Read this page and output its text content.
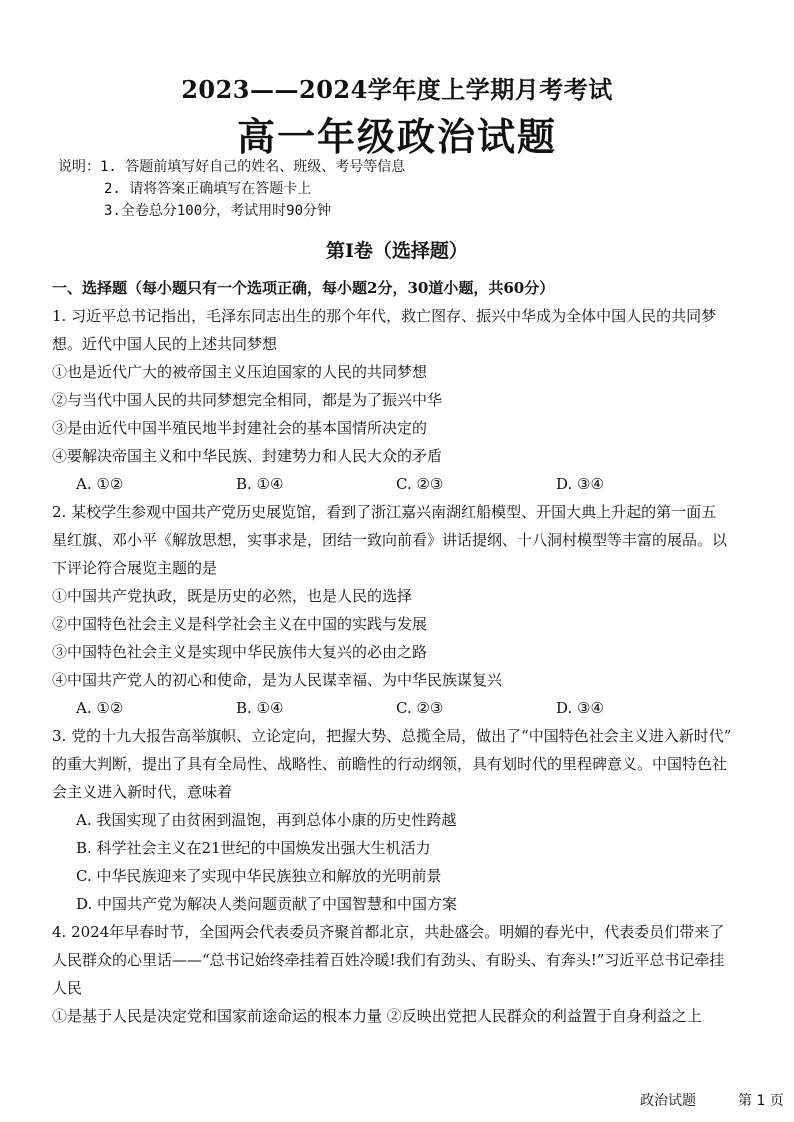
2023——2024学年度上学期月考考试
高一年级政治试题
说明：1. 答题前填写好自己的姓名、班级、考号等信息
2. 请将答案正确填写在答题卡上
3.全卷总分100分，考试用时90分钟
第Ⅰ卷（选择题）
一、选择题（每小题只有一个选项正确，每小题2分，30道小题，共60分）
1. 习近平总书记指出，毛泽东同志出生的那个年代，救亡图存、振兴中华成为全体中国人民的共同梦
想。近代中国人民的上述共同梦想
①也是近代广大的被帝国主义压迫国家的人民的共同梦想
②与当代中国人民的共同梦想完全相同，都是为了振兴中华
③是由近代中国半殖民地半封建社会的基本国情所决定的
④要解决帝国主义和中华民族、封建势力和人民大众的矛盾
A. ①②	B. ①④	C. ②③	D. ③④
2. 某校学生参观中国共产党历史展览馆，看到了浙江嘉兴南湖红船模型、开国大典上升起的第一面五
星红旗、邓小平《解放思想，实事求是，团结一致向前看》讲话提纲、十八洞村模型等丰富的展品。以
下评论符合展览主题的是
①中国共产党执政，既是历史的必然，也是人民的选择
②中国特色社会主义是科学社会主义在中国的实践与发展
③中国特色社会主义是实现中华民族伟大复兴的必由之路
④中国共产党人的初心和使命，是为人民谋幸福、为中华民族谋复兴
A. ①②	B. ①④	C. ②③	D. ③④
3. 党的十九大报告高举旗帜、立论定向，把握大势、总揽全局，做出了“中国特色社会主义进入新时代”
的重大判断，提出了具有全局性、战略性、前瞻性的行动纲领，具有划时代的里程碑意义。中国特色社
会主义进入新时代，意味着
A. 我国实现了由贫困到温饱，再到总体小康的历史性跨越
B. 科学社会主义在21世纪的中国焕发出强大生机活力
C. 中华民族迎来了实现中华民族独立和解放的光明前景
D. 中国共产党为解决人类问题贡献了中国智慧和中国方案
4. 2024年早春时节，全国两会代表委员齐聚首都北京，共赴盛会。明媚的春光中，代表委员们带来了
人民群众的心里话——“总书记始终牵挂着百姓冷暖!我们有劲头、有盼头、有奔头!”习近平总书记牵挂
人民
①是基于人民是决定党和国家前途命运的根本力量 ②反映出党把人民群众的利益置于自身利益之上
政治试题	第 1 页
